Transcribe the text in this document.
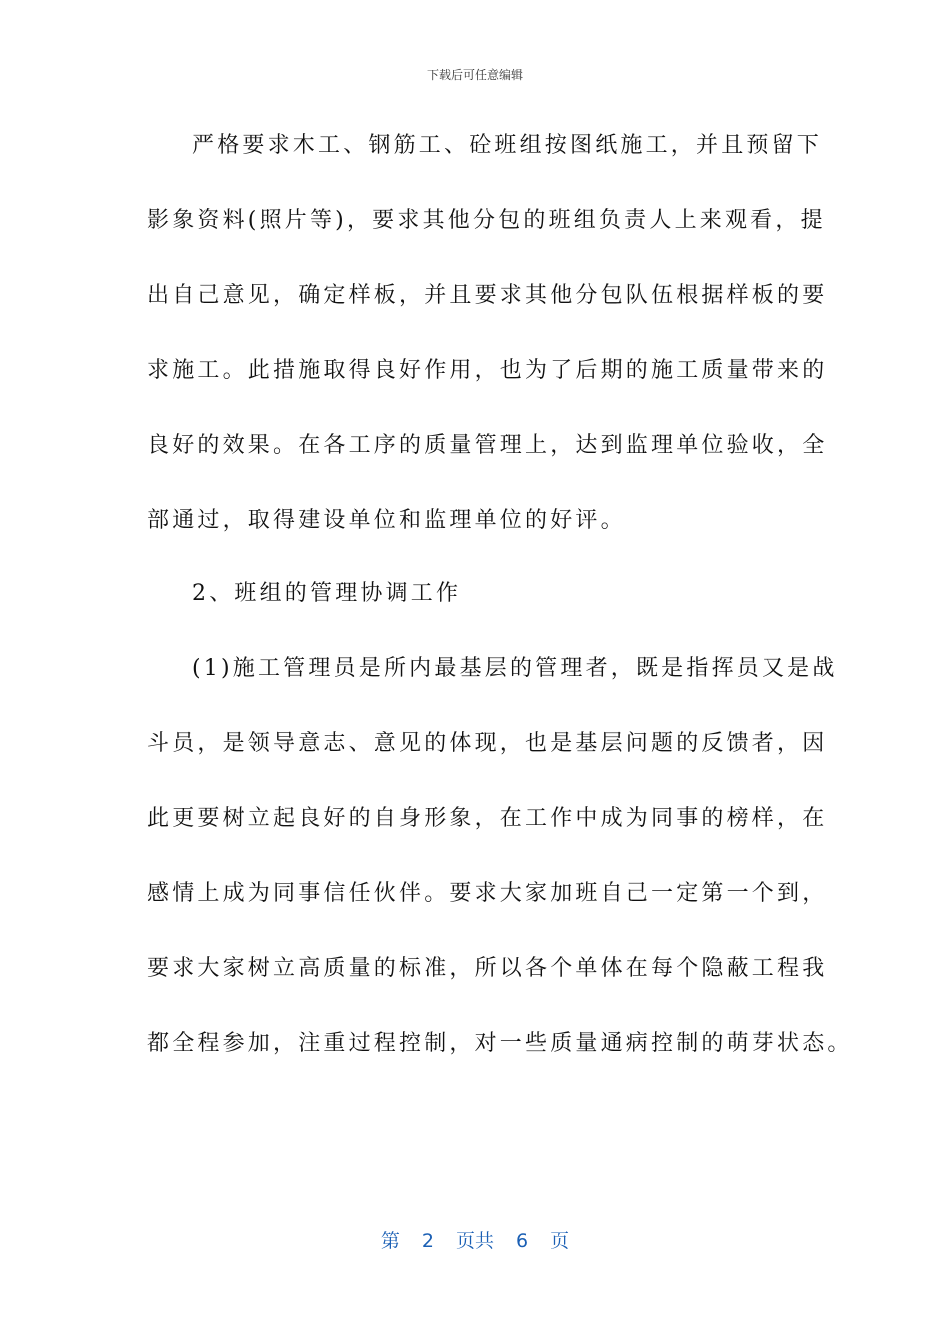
下载后可任意编辑
严格要求木工、钢筋工、砼班组按图纸施工，并且预留下
影象资料(照片等)，要求其他分包的班组负责人上来观看，提
出自己意见，确定样板，并且要求其他分包队伍根据样板的要
求施工。此措施取得良好作用，也为了后期的施工质量带来的
良好的效果。在各工序的质量管理上，达到监理单位验收，全
部通过，取得建设单位和监理单位的好评。
2、班组的管理协调工作
(1)施工管理员是所内最基层的管理者，既是指挥员又是战
斗员，是领导意志、意见的体现，也是基层问题的反馈者，因
此更要树立起良好的自身形象，在工作中成为同事的榜样，在
感情上成为同事信任伙伴。要求大家加班自己一定第一个到，
要求大家树立高质量的标准，所以各个单体在每个隐蔽工程我
都全程参加，注重过程控制，对一些质量通病控制的萌芽状态。
第 2 页共 6 页
